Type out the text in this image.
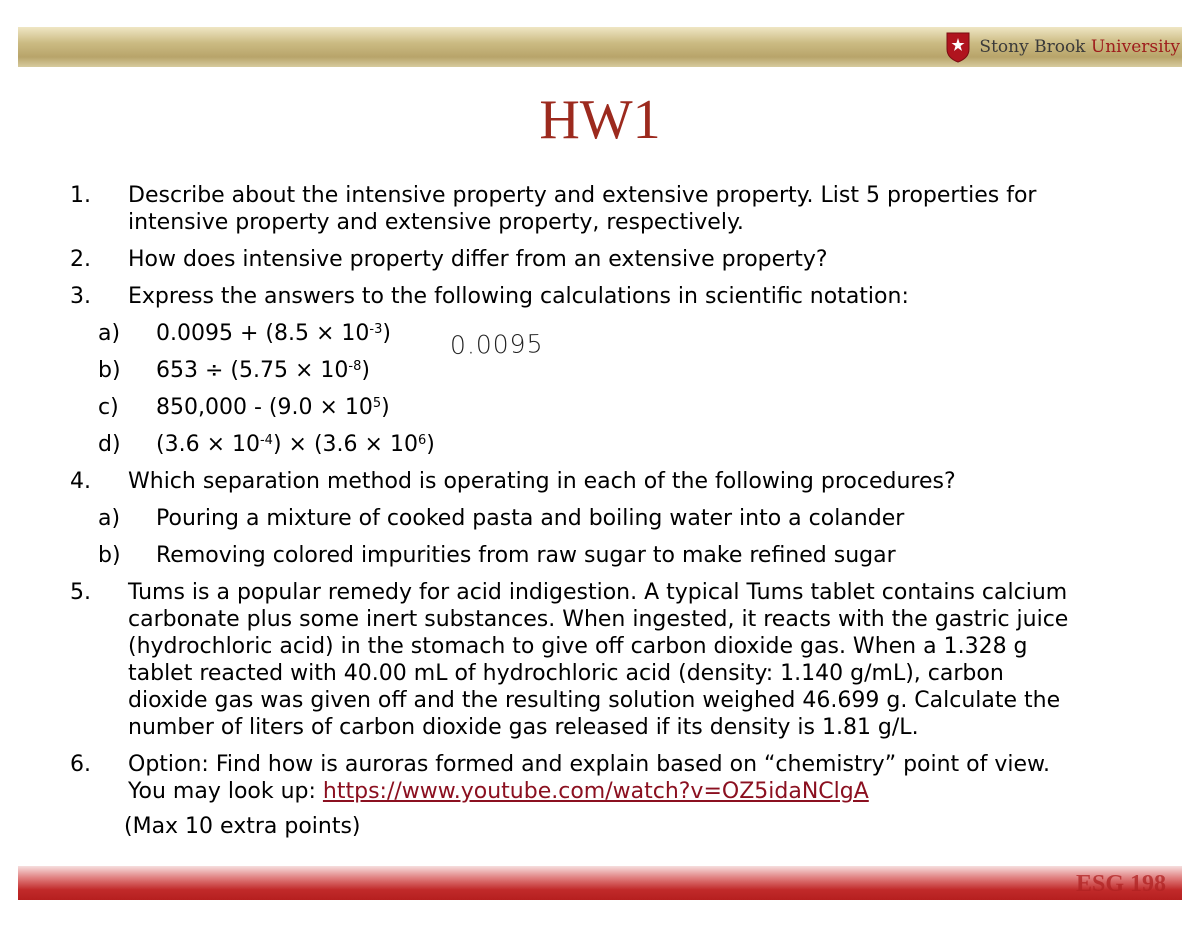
Stony Brook University
HW1
1.	Describe about the intensive property and extensive property. List 5 properties for
intensive property and extensive property, respectively.
2.	How does intensive property differ from an extensive property?
3.	Express the answers to the following calculations in scientific notation:
a)	$0.0095 + (8.5 \times 10^{-3})$
b)	$653 \div (5.75 \times 10^{-8})$
c)	$850,000 - (9.0 \times 10^5)$
d)	$(3.6 \times 10^{-4}) \times (3.6 \times 10^6)$
4.	Which separation method is operating in each of the following procedures?
a)	Pouring a mixture of cooked pasta and boiling water into a colander
b)	Removing colored impurities from raw sugar to make refined sugar
5.	Tums is a popular remedy for acid indigestion. A typical Tums tablet contains calcium
carbonate plus some inert substances. When ingested, it reacts with the gastric juice
(hydrochloric acid) in the stomach to give off carbon dioxide gas. When a 1.328 g
tablet reacted with 40.00 mL of hydrochloric acid (density: 1.140 g/mL), carbon
dioxide gas was given off and the resulting solution weighed 46.699 g. Calculate the
number of liters of carbon dioxide gas released if its density is 1.81 g/L.
6.	Option: Find how is auroras formed and explain based on “chemistry” point of view.
You may look up: https://www.youtube.com/watch?v=OZ5idaNClgA
(Max 10 extra points)
0.0095
ESG 198
